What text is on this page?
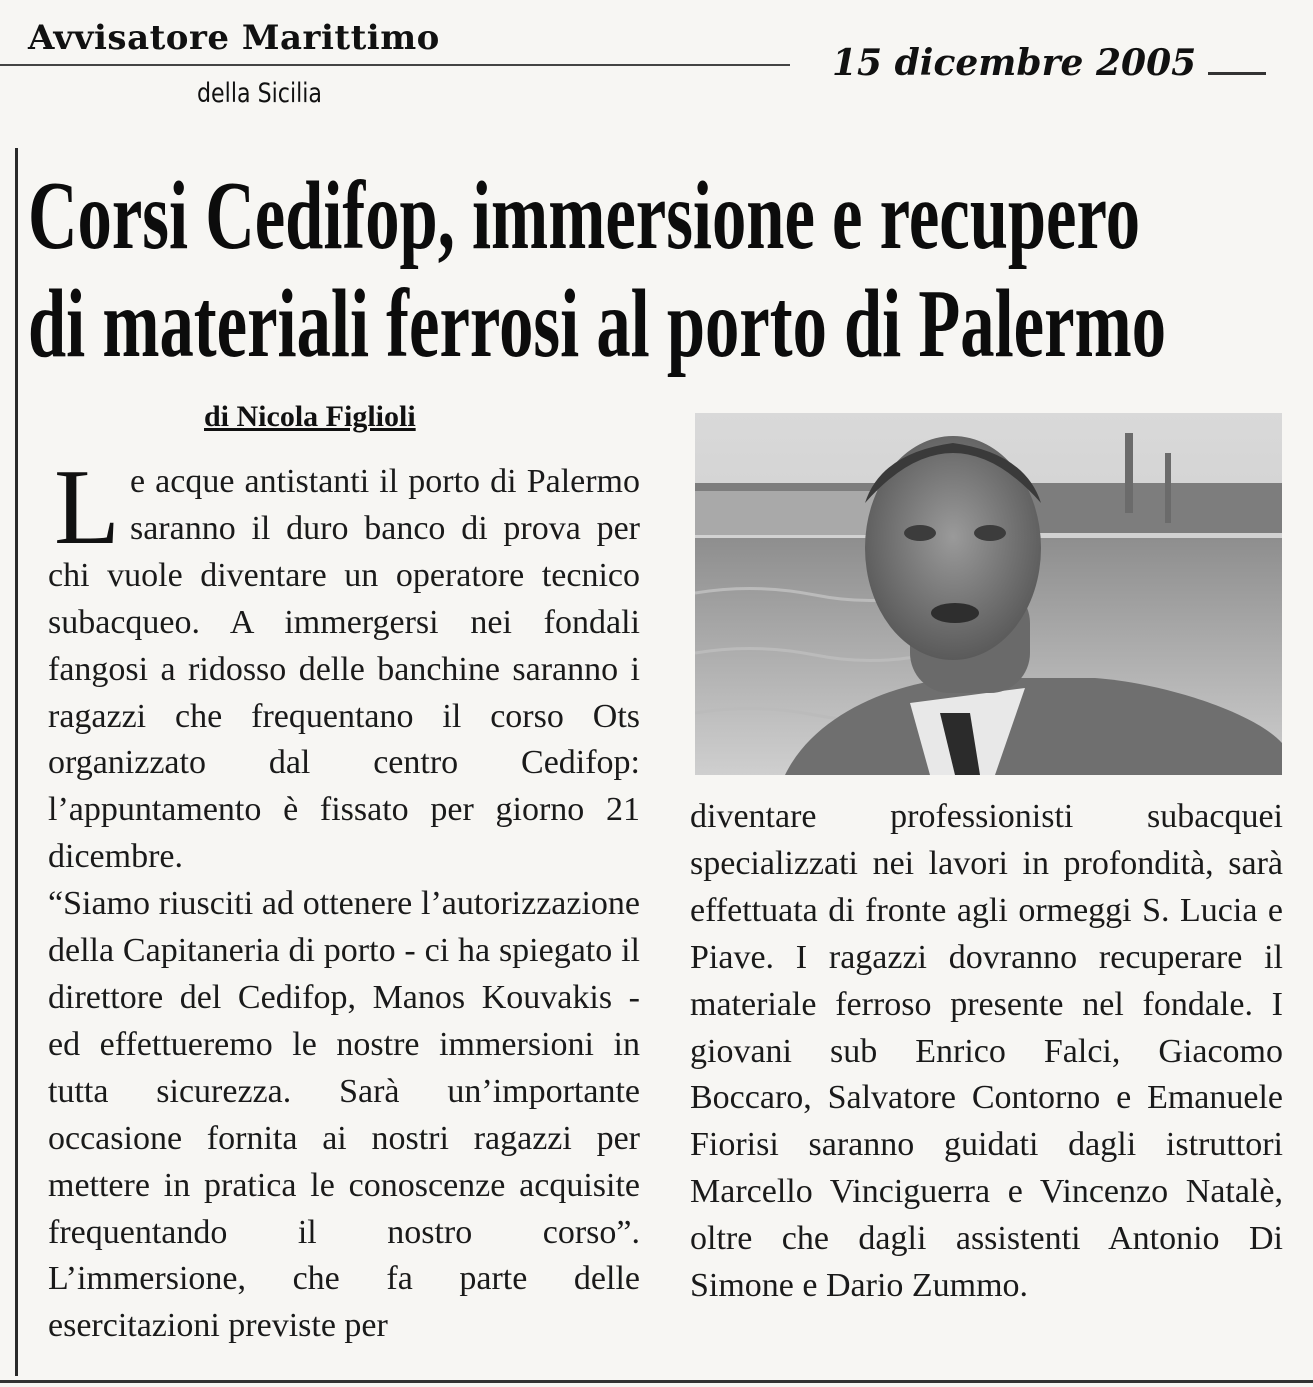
Avvisatore Marittimo
della Sicilia
15 dicembre 2005
Corsi Cedifop, immersione e recupero
di materiali ferrosi al porto di Palermo
di Nicola Figlioli

L e acque antistanti il porto di Palermo saranno il duro banco di prova per chi vuole diventare un operatore tecnico subacqueo. A immergersi nei fondali fangosi a ridosso delle banchine saranno i ragazzi che frequentano il corso Ots organizzato dal centro Cedifop: l’appuntamento è fissato per giorno 21 dicembre.

“Siamo riusciti ad ottenere l’autorizzazione della Capitaneria di porto - ci ha spiegato il direttore del Cedifop, Manos Kouvakis - ed effettueremo le nostre immersioni in tutta sicurezza. Sarà un’importante occasione fornita ai nostri ragazzi per mettere in pratica le conoscenze acquisite frequentando il nostro corso”. L’immersione, che fa parte delle esercitazioni previste per

diventare professionisti subacquei specializzati nei lavori in profondità, sarà effettuata di fronte agli ormeggi S. Lucia e Piave. I ragazzi dovranno recuperare il materiale ferroso presente nel fondale. I giovani sub Enrico Falci, Giacomo Boccaro, Salvatore Contorno e Emanuele Fiorisi saranno guidati dagli istruttori Marcello Vinciguerra e Vincenzo Natalè, oltre che dagli assistenti Antonio Di Simone e Dario Zummo.
